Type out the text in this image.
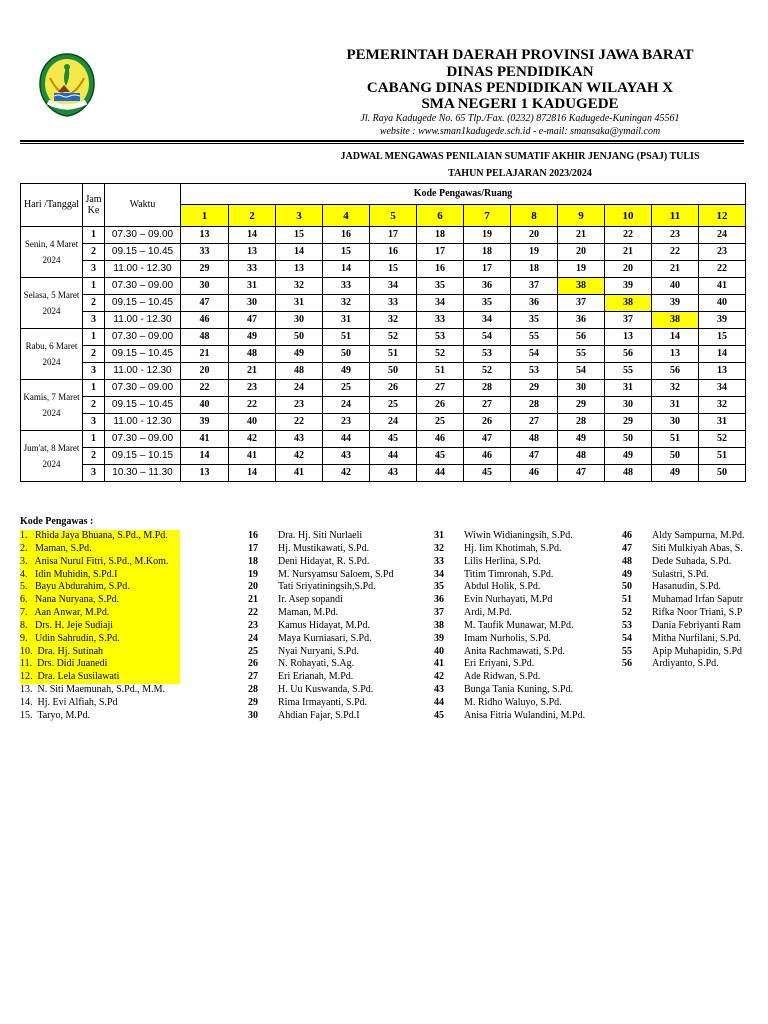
PEMERINTAH DAERAH PROVINSI JAWA BARAT
DINAS PENDIDIKAN
CABANG DINAS PENDIDIKAN WILAYAH X
SMA NEGERI 1 KADUGEDE
Jl. Raya Kadugede No. 65 Tlp./Fax. (0232) 872816 Kadugede-Kuningan 45561
website : www.sman1kadugede.sch.id - e-mail: smansaka@ymail.com
JADWAL MENGAWAS PENILAIAN SUMATIF AKHIR JENJANG (PSAJ) TULIS
TAHUN PELAJARAN 2023/2024
Hari /Tanggal	Jam Ke	Waktu	Kode Pengawas/Ruang											
			1	2	3	4	5	6	7	8	9	10	11	12
Senin, 4 Maret 2024	1	07.30 – 09.00	13	14	15	16	17	18	19	20	21	22	23	24
	2	09.15 – 10.45	33	13	14	15	16	17	18	19	20	21	22	23
	3	11.00 - 12.30	29	33	13	14	15	16	17	18	19	20	21	22
Selasa, 5 Maret 2024	1	07.30 – 09.00	30	31	32	33	34	35	36	37	38	39	40	41
	2	09.15 – 10.45	47	30	31	32	33	34	35	36	37	38	39	40
	3	11.00 - 12.30	46	47	30	31	32	33	34	35	36	37	38	39
Rabu, 6 Maret 2024	1	07.30 – 09.00	48	49	50	51	52	53	54	55	56	13	14	15
	2	09.15 – 10.45	21	48	49	50	51	52	53	54	55	56	13	14
	3	11.00 - 12.30	20	21	48	49	50	51	52	53	54	55	56	13
Kamis, 7 Maret 2024	1	07.30 – 09.00	22	23	24	25	26	27	28	29	30	31	32	34
	2	09.15 – 10.45	40	22	23	24	25	26	27	28	29	30	31	32
	3	11.00 - 12.30	39	40	22	23	24	25	26	27	28	29	30	31
Jum'at, 8 Maret 2024	1	07.30 – 09.00	41	42	43	44	45	46	47	48	49	50	51	52
	2	09.15 – 10.15	14	41	42	43	44	45	46	47	48	49	50	51
	3	10.30 – 11.30	13	14	41	42	43	44	45	46	47	48	49	50
Kode Pengawas :
1.   Rhida Jaya Bhuana, S.Pd., M.Pd.
2.   Maman, S.Pd.
3.   Anisa Nurul Fitri, S.Pd., M.Kom.
4.   Idin Muhidin, S.Pd.I
5.   Bayu Abdurahim, S.Pd.
6.   Nana Nuryana, S.Pd.
7.   Aan Anwar, M.Pd.
8.   Drs. H. Jeje Sudiaji
9.   Udin Sahrudin, S.Pd.
10.  Dra. Hj. Sutinah
11.  Drs. Didi Juanedi
12.  Dra. Lela Susilawati
13.  N. Siti Maemunah, S.Pd., M.M.
14.  Hj. Evi Alfiah, S.Pd
15.  Taryo, M.Pd.
16 Dra. Hj. Siti Nurlaeli
17 Hj. Mustikawati, S.Pd.
18 Deni Hidayat, R. S.Pd.
19 M. Nursyamsu Saloem, S.Pd
20 Tati Sriyatiningsih,S.Pd.
21 Ir. Asep sopandi
22 Maman, M.Pd.
23 Kamus Hidayat, M.Pd.
24 Maya Kurniasari, S.Pd.
25 Nyai Nuryani, S.Pd.
26 N. Rohayati, S.Ag.
27 Eri Erianah, M.Pd.
28 H. Uu Kuswanda, S.Pd.
29 Rima Irmayanti, S.Pd.
30 Ahdian Fajar, S.Pd.I
31 Wiwin Widianingsih, S.Pd.
32 Hj. Iim Khotimah, S.Pd.
33 Lilis Herlina, S.Pd.
34 Titim Timronah, S.Pd.
35 Abdul Holik, S.Pd.
36 Evin Nurhayati, M.Pd
37 Ardi, M.Pd.
38 M. Taufik Munawar, M.Pd.
39 Imam Nurholis, S.Pd.
40 Anita Rachmawati, S.Pd.
41 Eri Eriyani, S.Pd.
42 Ade Ridwan, S.Pd.
43 Bunga Tania Kuning, S.Pd.
44 M. Ridho Waluyo, S.Pd.
45 Anisa Fitria Wulandini, M.Pd.
46 Aldy Sampurna, M.Pd.
47 Siti Mulkiyah Abas, S.
48 Dede Suhada, S.Pd.
49 Sulastri, S.Pd.
50 Hasanudin, S.Pd.
51 Muhamad Irfan Saputr
52 Rifka Noor Triani, S.P
53 Dania Febriyanti Ram
54 Mitha Nurfilani, S.Pd.
55 Apip Muhapidin, S.Pd
56 Ardiyanto, S.Pd.
